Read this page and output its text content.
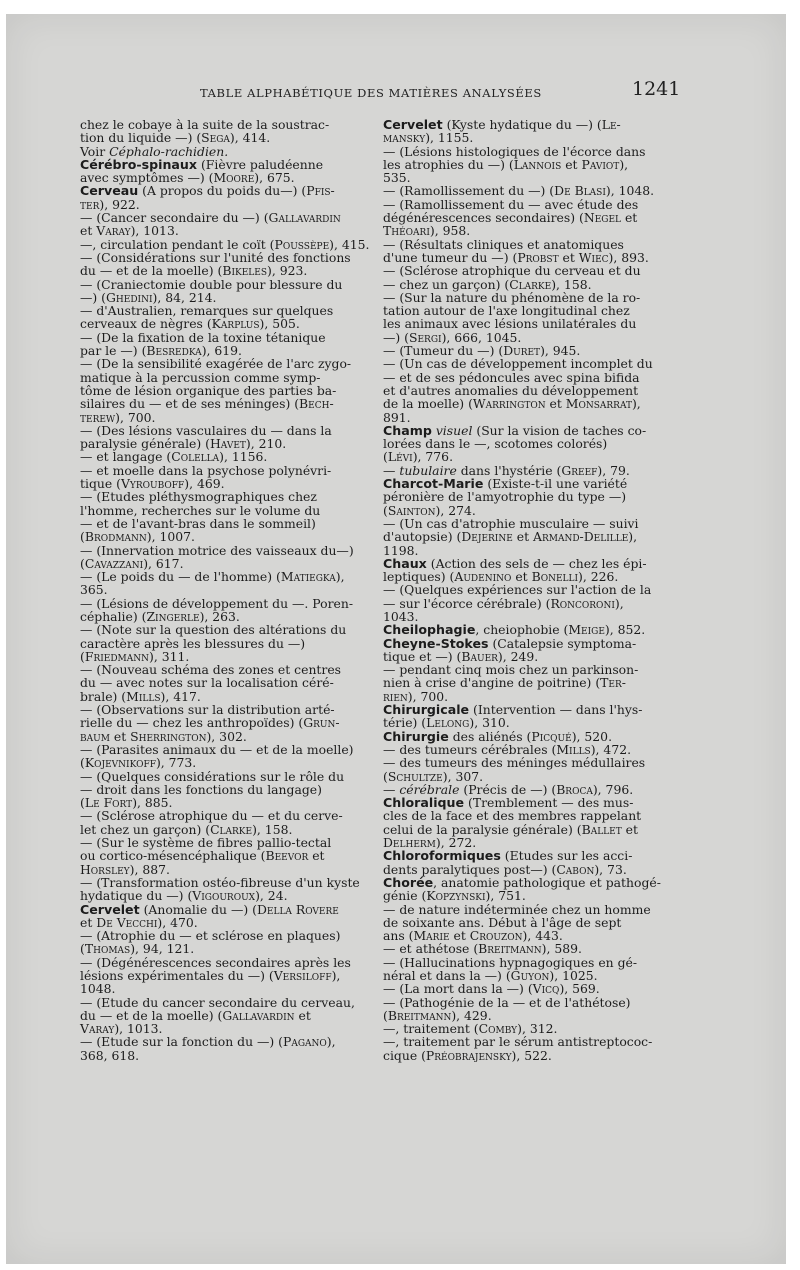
TABLE ALPHABÉTIQUE DES MATIÈRES ANALYSÉES	1241
chez le cobaye à la suite de la soustrac-
tion du liquide —) (Sega), 414.
Voir Céphalo-rachidien.
Cérébro-spinaux (Fièvre paludéenne
avec symptômes —) (Moore), 675.
Cerveau (A propos du poids du—) (Pfis-
ter), 922.
— (Cancer secondaire du —) (Gallavardin
et Varay), 1013.
—, circulation pendant le coït (Poussèpe), 415.
— (Considérations sur l'unité des fonctions
du — et de la moelle) (Bikeles), 923.
— (Craniectomie double pour blessure du
—) (Ghedini), 84, 214.
— d'Australien, remarques sur quelques
cerveaux de nègres (Karplus), 505.
— (De la fixation de la toxine tétanique
par le —) (Besredka), 619.
— (De la sensibilité exagérée de l'arc zygo-
matique à la percussion comme symp-
tôme de lésion organique des parties ba-
silaires du — et de ses méninges) (Bech-
terew), 700.
— (Des lésions vasculaires du — dans la
paralysie générale) (Havet), 210.
— et langage (Colella), 1156.
— et moelle dans la psychose polynévri-
tique (Vyrouboff), 469.
— (Etudes pléthysmographiques chez
l'homme, recherches sur le volume du
— et de l'avant-bras dans le sommeil)
(Brodmann), 1007.
— (Innervation motrice des vaisseaux du—)
(Cavazzani), 617.
— (Le poids du — de l'homme) (Matiegka),
365.
— (Lésions de développement du —. Poren-
céphalie) (Zingerle), 263.
— (Note sur la question des altérations du
caractère après les blessures du —)
(Friedmann), 311.
— (Nouveau schéma des zones et centres
du — avec notes sur la localisation céré-
brale) (Mills), 417.
— (Observations sur la distribution arté-
rielle du — chez les anthropoïdes) (Grun-
baum et Sherrington), 302.
— (Parasites animaux du — et de la moelle)
(Kojevnikoff), 773.
— (Quelques considérations sur le rôle du
— droit dans les fonctions du langage)
(Le Fort), 885.
— (Sclérose atrophique du — et du cerve-
let chez un garçon) (Clarke), 158.
— (Sur le système de fibres pallio-tectal
ou cortico-mésencéphalique (Beevor et
Horsley), 887.
— (Transformation ostéo-fibreuse d'un kyste
hydatique du —) (Vigouroux), 24.
Cervelet (Anomalie du —) (Della Rovere
et De Vecchi), 470.
— (Atrophie du — et sclérose en plaques)
(Thomas), 94, 121.
— (Dégénérescences secondaires après les
lésions expérimentales du —) (Versiloff),
1048.
— (Etude du cancer secondaire du cerveau,
du — et de la moelle) (Gallavardin et
Varay), 1013.
— (Etude sur la fonction du —) (Pagano),
368, 618.
Cervelet (Kyste hydatique du —) (Le-
mansky), 1155.
— (Lésions histologiques de l'écorce dans
les atrophies du —) (Lannois et Paviot),
535.
— (Ramollissement du —) (De Blasi), 1048.
— (Ramollissement du — avec étude des
dégénérescences secondaires) (Negel et
Théoari), 958.
— (Résultats cliniques et anatomiques
d'une tumeur du —) (Probst et Wiec), 893.
— (Sclérose atrophique du cerveau et du
— chez un garçon) (Clarke), 158.
— (Sur la nature du phénomène de la ro-
tation autour de l'axe longitudinal chez
les animaux avec lésions unilatérales du
—) (Sergi), 666, 1045.
— (Tumeur du —) (Duret), 945.
— (Un cas de développement incomplet du
— et de ses pédoncules avec spina bifida
et d'autres anomalies du développement
de la moelle) (Warrington et Monsarrat),
891.
Champ visuel (Sur la vision de taches co-
lorées dans le —, scotomes colorés)
(Lévi), 776.
— tubulaire dans l'hystérie (Greef), 79.
Charcot-Marie (Existe-t-il une variété
péronière de l'amyotrophie du type —)
(Sainton), 274.
— (Un cas d'atrophie musculaire — suivi
d'autopsie) (Dejerine et Armand-Delille),
1198.
Chaux (Action des sels de — chez les épi-
leptiques) (Audenino et Bonelli), 226.
— (Quelques expériences sur l'action de la
— sur l'écorce cérébrale) (Roncoroni),
1043.
Cheilophagie, cheiophobie (Meige), 852.
Cheyne-Stokes (Catalepsie symptoma-
tique et —) (Bauer), 249.
— pendant cinq mois chez un parkinson-
nien à crise d'angine de poitrine) (Ter-
rien), 700.
Chirurgicale (Intervention — dans l'hys-
térie) (Lelong), 310.
Chirurgie des aliénés (Picqué), 520.
— des tumeurs cérébrales (Mills), 472.
— des tumeurs des méninges médullaires
(Schultze), 307.
— cérébrale (Précis de —) (Broca), 796.
Chloralique (Tremblement — des mus-
cles de la face et des membres rappelant
celui de la paralysie générale) (Ballet et
Delherm), 272.
Chloroformiques (Etudes sur les acci-
dents paralytiques post—) (Cabon), 73.
Chorée, anatomie pathologique et pathogé-
génie (Kopzynski), 751.
— de nature indéterminée chez un homme
de soixante ans. Début à l'âge de sept
ans (Marie et Crouzon), 443.
— et athétose (Breitmann), 589.
— (Hallucinations hypnagogiques en gé-
néral et dans la —) (Guyon), 1025.
— (La mort dans la —) (Vicq), 569.
— (Pathogénie de la — et de l'athétose)
(Breitmann), 429.
—, traitement (Comby), 312.
—, traitement par le sérum antistreptococ-
cique (Préobrajensky), 522.
